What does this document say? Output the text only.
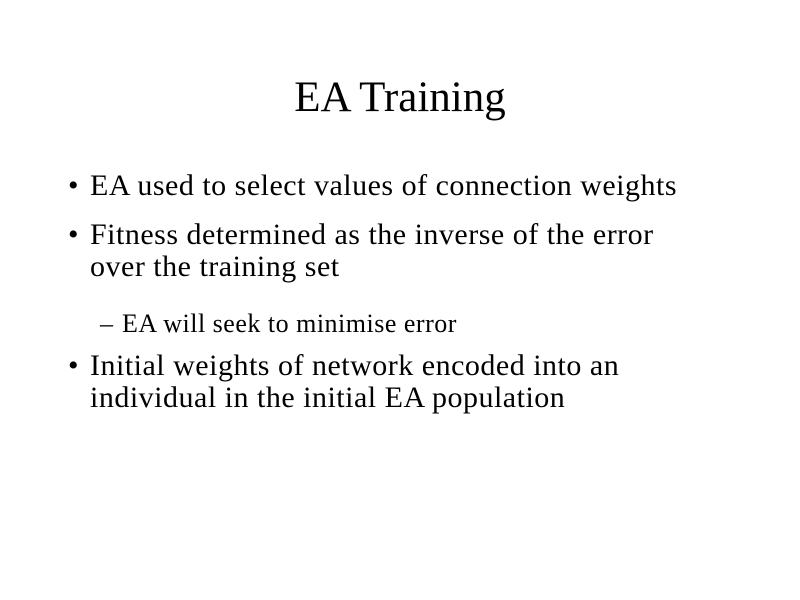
EA Training
• EA used to select values of connection weights
• Fitness determined as the inverse of the error
over the training set
– EA will seek to minimise error
• Initial weights of network encoded into an
individual in the initial EA population
